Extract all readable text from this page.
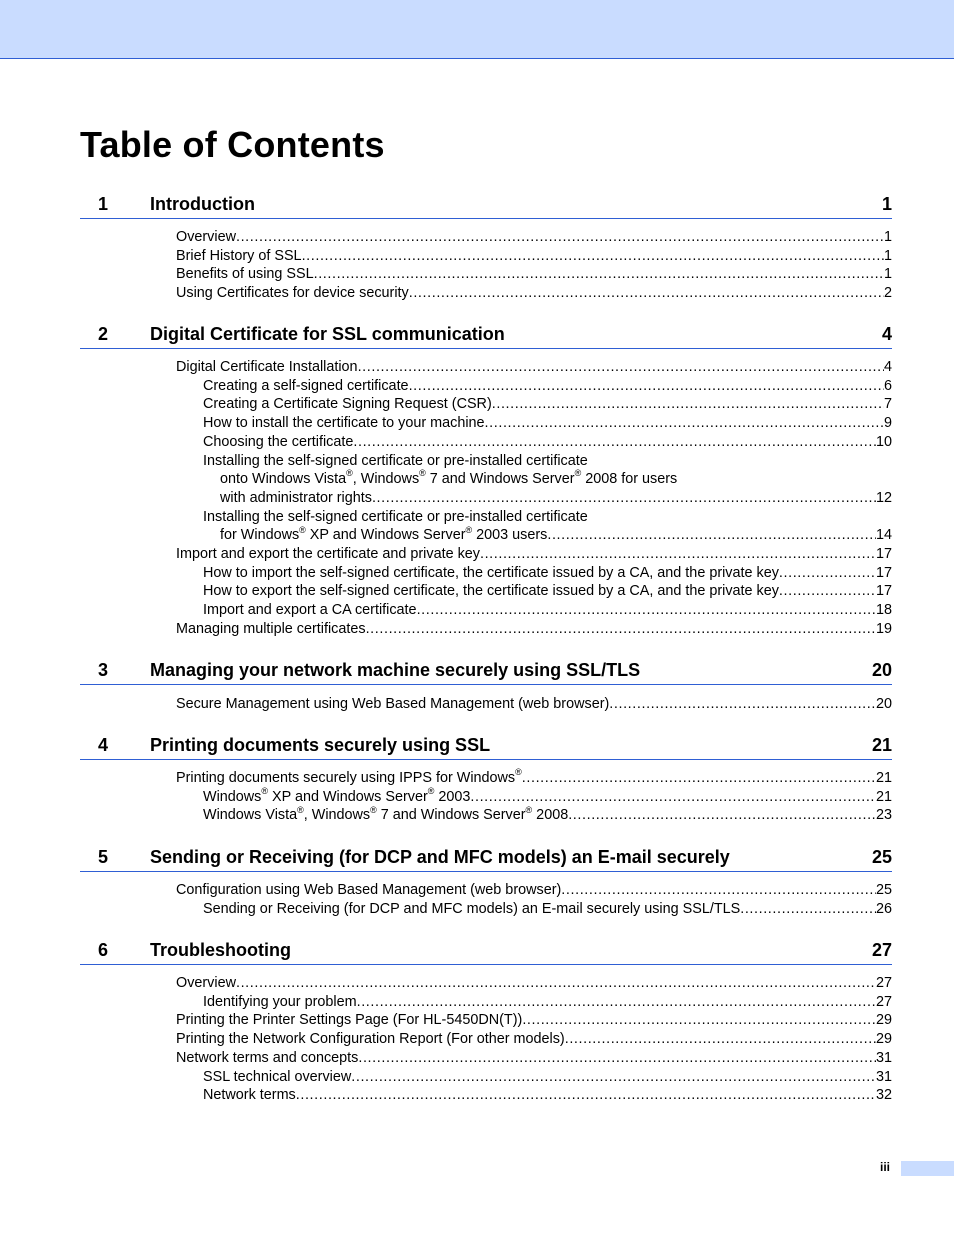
Table of Contents
1 Introduction	1
Overview .....	1
Brief History of SSL .....	1
Benefits of using SSL .....	1
Using Certificates for device security .....	2
2 Digital Certificate for SSL communication	4
Digital Certificate Installation .....	4
Creating a self-signed certificate .....	6
Creating a Certificate Signing Request (CSR) .....	7
How to install the certificate to your machine .....	9
Choosing the certificate .....	10
Installing the self-signed certificate or pre-installed certificate
onto Windows Vista®, Windows® 7 and Windows Server® 2008 for users
with administrator rights .....	12
Installing the self-signed certificate or pre-installed certificate
for Windows® XP and Windows Server® 2003 users .....	14
Import and export the certificate and private key .....	17
How to import the self-signed certificate, the certificate issued by a CA, and the private key .....	17
How to export the self-signed certificate, the certificate issued by a CA, and the private key .....	17
Import and export a CA certificate .....	18
Managing multiple certificates .....	19
3 Managing your network machine securely using SSL/TLS	20
Secure Management using Web Based Management (web browser) .....	20
4 Printing documents securely using SSL	21
Printing documents securely using IPPS for Windows® .....	21
Windows® XP and Windows Server® 2003 .....	21
Windows Vista®, Windows® 7 and Windows Server® 2008 .....	23
5 Sending or Receiving (for DCP and MFC models) an E-mail securely	25
Configuration using Web Based Management (web browser) .....	25
Sending or Receiving (for DCP and MFC models) an E-mail securely using SSL/TLS .....	26
6 Troubleshooting	27
Overview .....	27
Identifying your problem .....	27
Printing the Printer Settings Page (For HL-5450DN(T)) .....	29
Printing the Network Configuration Report (For other models) .....	29
Network terms and concepts .....	31
SSL technical overview .....	31
Network terms .....	32
iii
